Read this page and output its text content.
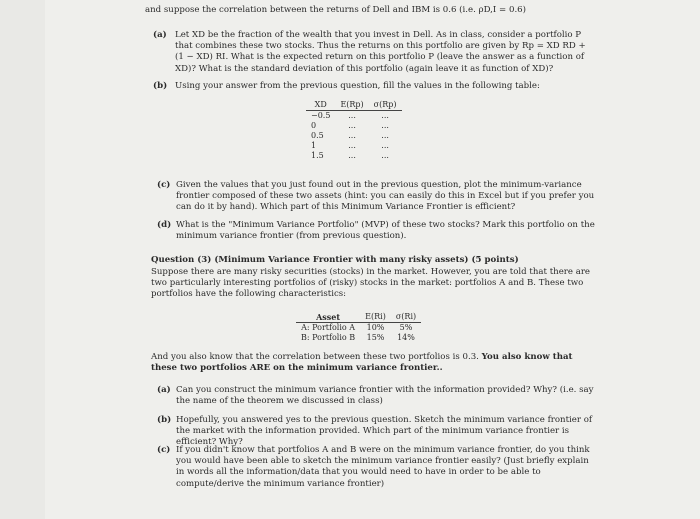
and suppose the correlation between the returns of Dell and IBM is 0.6 (i.e. ρD,I = 0.6)
(a) Let XD be the fraction of the wealth that you invest in Dell. As in class, consider a portfolio P that combines these two stocks. Thus the returns on this portfolio are given by Rp = XD RD + (1 − XD) RI. What is the expected return on this portfolio P (leave the answer as a function of XD)? What is the standard deviation of this portfolio (again leave it as function of XD)?
(b) Using your answer from the previous question, fill the values in the following table:
XD	E(Rp)	σ(Rp)
−0.5	...	...
0	...	...
0.5	...	...
1	...	...
1.5	...	...
(c) Given the values that you just found out in the previous question, plot the minimum-variance frontier composed of these two assets (hint: you can easily do this in Excel but if you prefer you can do it by hand). Which part of this Minimum Variance Frontier is efficient?
(d) What is the "Minimum Variance Portfolio" (MVP) of these two stocks? Mark this portfolio on the minimum variance frontier (from previous question).
Question (3) (Minimum Variance Frontier with many risky assets) (5 points)
Suppose there are many risky securities (stocks) in the market. However, you are told that there are two particularly interesting portfolios of (risky) stocks in the market: portfolios A and B. These two portfolios have the following characteristics:
Asset	E(Ri)	σ(Ri)
A: Portfolio A	10%	5%
B: Portfolio B	15%	14%
And you also know that the correlation between these two portfolios is 0.3. You also know that these two portfolios ARE on the minimum variance frontier..
(a) Can you construct the minimum variance frontier with the information provided? Why? (i.e. say the name of the theorem we discussed in class)
(b) Hopefully, you answered yes to the previous question. Sketch the minimum variance frontier of the market with the information provided. Which part of the minimum variance frontier is efficient? Why?
(c) If you didn't know that portfolios A and B were on the minimum variance frontier, do you think you would have been able to sketch the minimum variance frontier easily? (Just briefly explain in words all the information/data that you would need to have in order to be able to compute/derive the minimum variance frontier)
